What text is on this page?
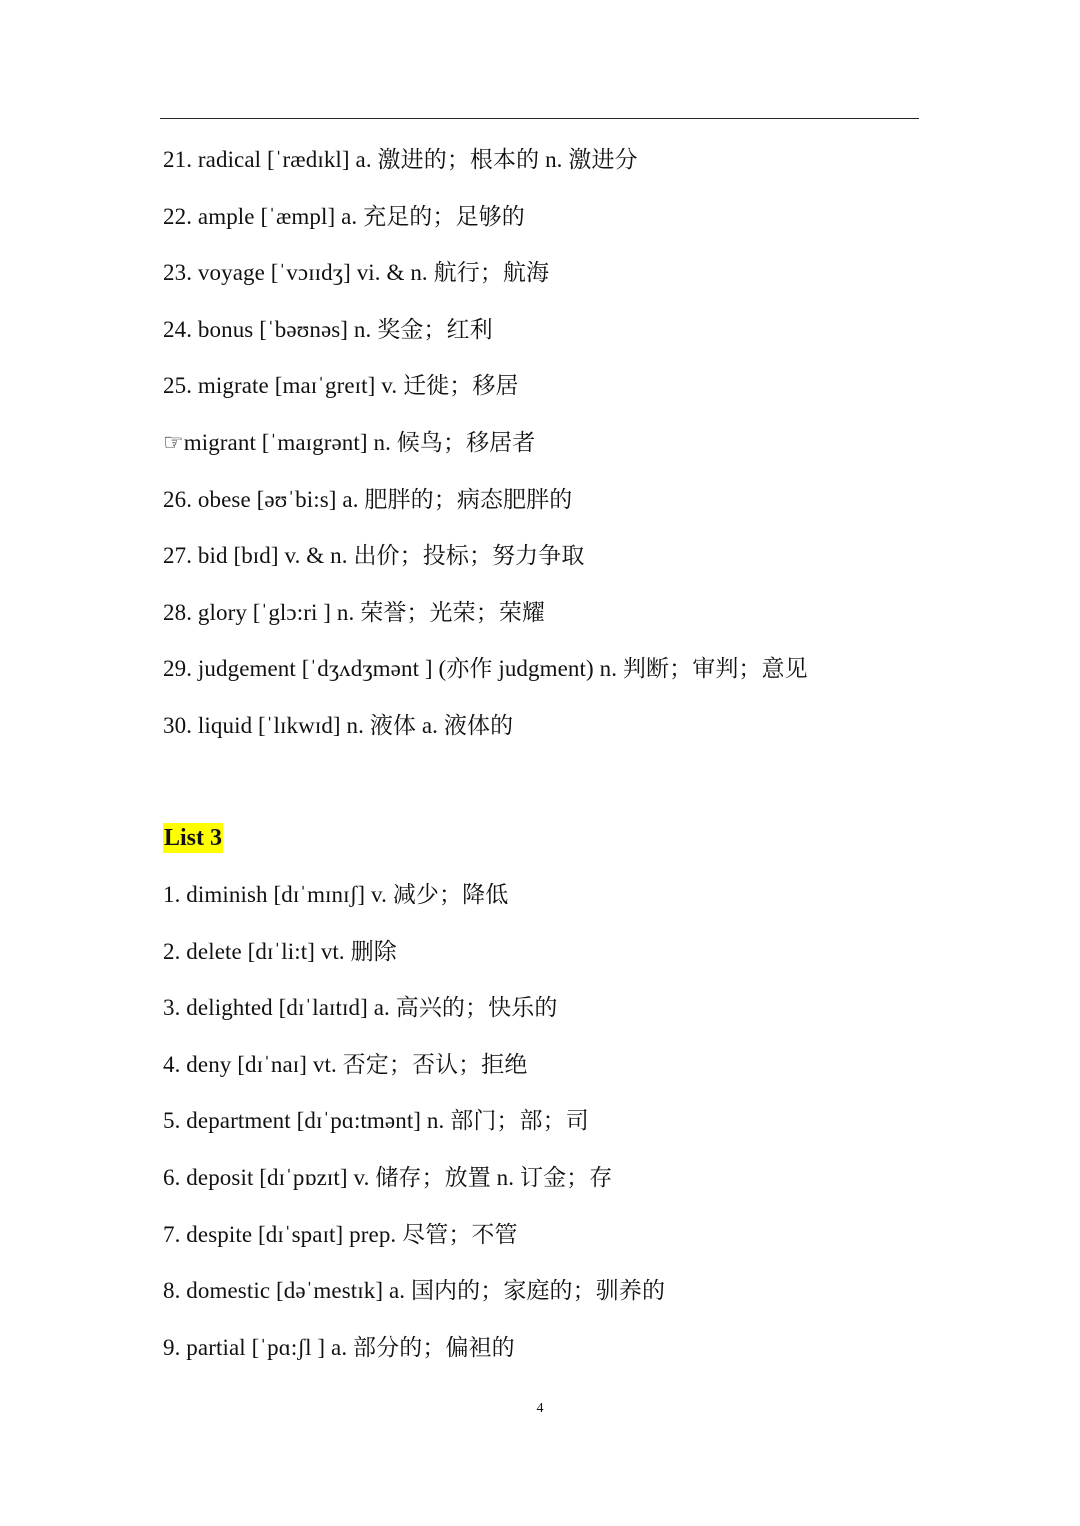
21. radical [ˈrædɪkl] a. 激进的；根本的 n. 激进分
22. ample [ˈæmpl] a. 充足的；足够的
23. voyage [ˈvɔɪɪdʒ] vi. & n. 航行；航海
24. bonus [ˈbəʊnəs] n. 奖金；红利
25. migrate [maɪˈgreɪt] v. 迁徙；移居
☞migrant [ˈmaɪgrənt] n. 候鸟；移居者
26. obese [əʊˈbi:s] a. 肥胖的；病态肥胖的
27. bid [bɪd] v. & n. 出价；投标；努力争取
28. glory [ˈglɔ:ri ] n. 荣誉；光荣；荣耀
29. judgement [ˈdʒʌdʒmənt ] (亦作 judgment) n. 判断；审判；意见
30. liquid [ˈlɪkwɪd] n. 液体 a. 液体的
List 3
1. diminish [dɪˈmɪnɪʃ] v. 减少；降低
2. delete [dɪˈli:t] vt. 删除
3. delighted [dɪˈlaɪtɪd] a. 高兴的；快乐的
4. deny [dɪˈnaɪ] vt. 否定；否认；拒绝
5. department [dɪˈpɑ:tmənt] n. 部门；部；司
6. deposit [dɪˈpɒzɪt] v. 储存；放置 n. 订金；存
7. despite [dɪˈspaɪt] prep. 尽管；不管
8. domestic [dəˈmestɪk] a. 国内的；家庭的；驯养的
9. partial [ˈpɑ:ʃl ] a. 部分的；偏袒的
4
